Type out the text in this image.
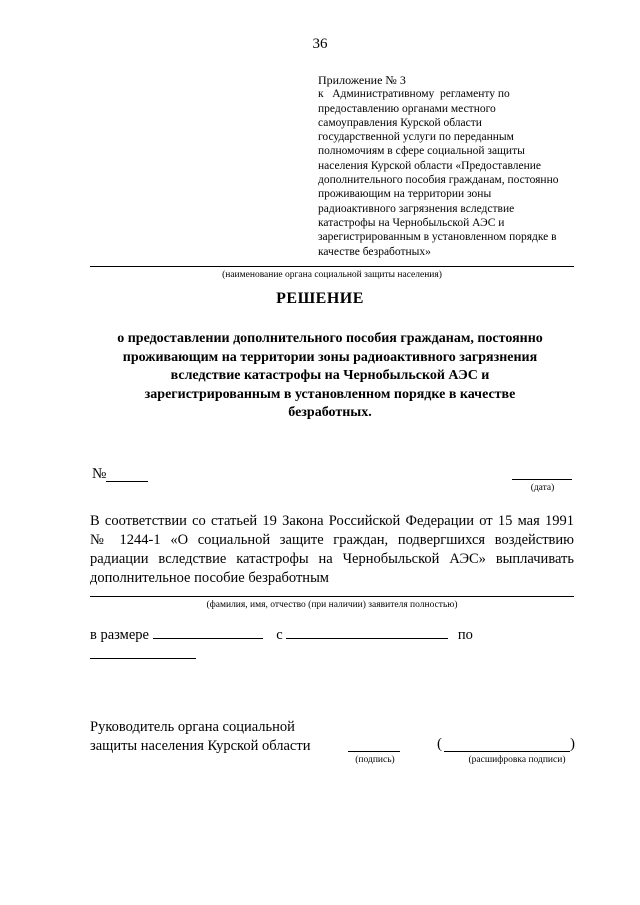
36
Приложение № 3
к   Административному  регламенту по
предоставлению органами местного
самоуправления Курской области
государственной услуги по переданным
полномочиям в сфере социальной защиты
населения Курской области «Предоставление
дополнительного пособия гражданам, постоянно
проживающим на территории зоны
радиоактивного загрязнения вследствие
катастрофы на Чернобыльской АЭС и
зарегистрированным в установленном порядке в
качестве безработных»
(наименование органа социальной защиты населения)
РЕШЕНИЕ
о предоставлении дополнительного пособия гражданам, постоянно
проживающим на территории зоны радиоактивного загрязнения
вследствие катастрофы на Чернобыльской АЭС и
зарегистрированным в установленном порядке в качестве
безработных.
№
(дата)
В соответствии со статьей 19 Закона Российской Федерации от 15 мая 1991
№ 1244-1 «О социальной защите граждан, подвергшихся воздействию
радиации вследствие катастрофы на Чернобыльской АЭС» выплачивать
дополнительное пособие безработным
(фамилия, имя, отчество (при наличии) заявителя полностью)
в размере	с	по
Руководитель органа социальной
защиты населения Курской области
(подпись)
(	)
(расшифровка подписи)
